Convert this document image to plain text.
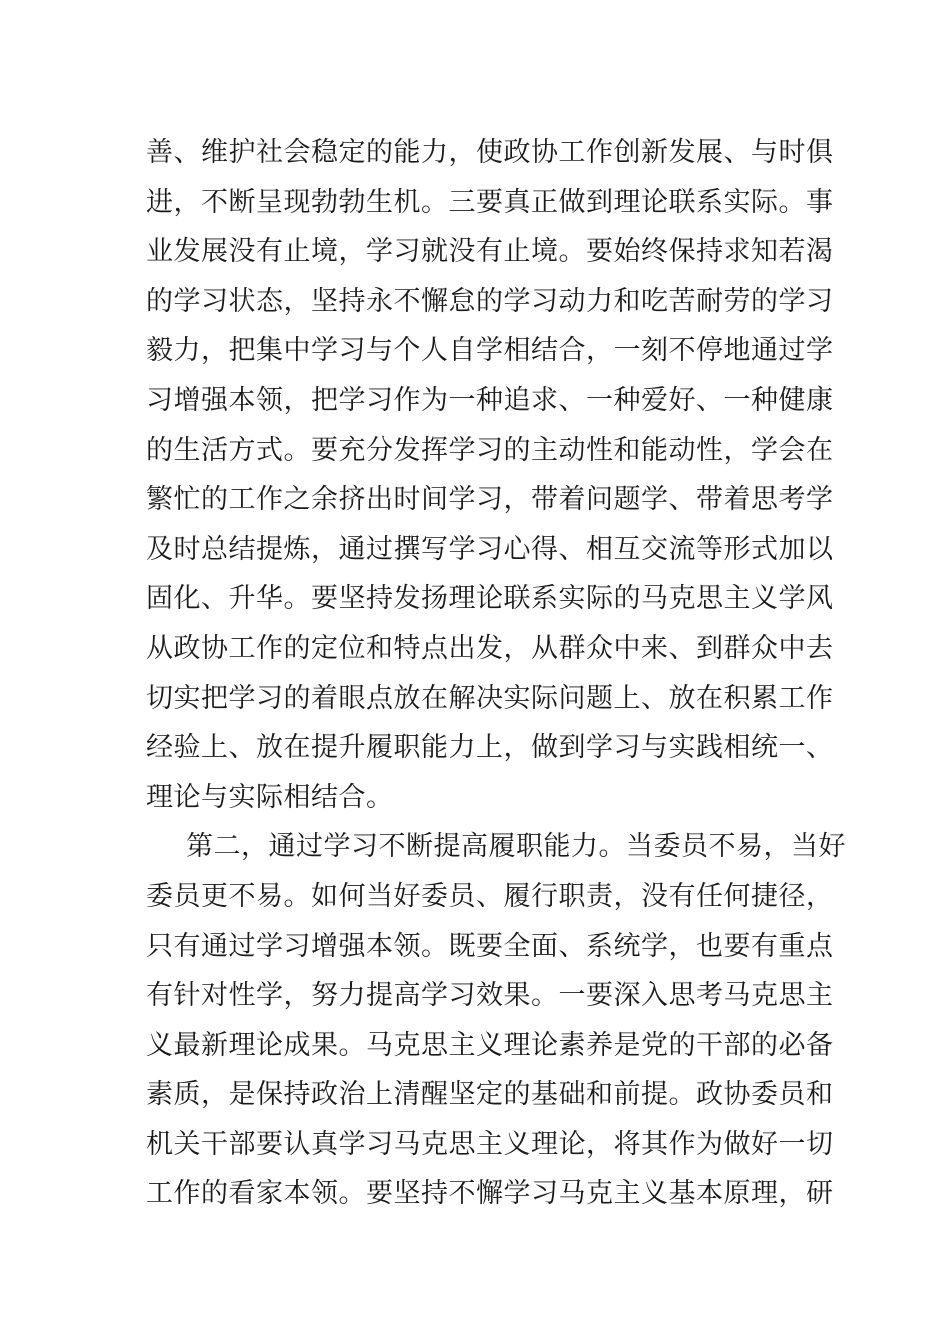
善、维护社会稳定的能力，使政协工作创新发展、与时俱
进，不断呈现勃勃生机。三要真正做到理论联系实际。事
业发展没有止境，学习就没有止境。要始终保持求知若渴
的学习状态，坚持永不懈怠的学习动力和吃苦耐劳的学习
毅力，把集中学习与个人自学相结合，一刻不停地通过学
习增强本领，把学习作为一种追求、一种爱好、一种健康
的生活方式。要充分发挥学习的主动性和能动性，学会在
繁忙的工作之余挤出时间学习，带着问题学、带着思考学
及时总结提炼，通过撰写学习心得、相互交流等形式加以
固化、升华。要坚持发扬理论联系实际的马克思主义学风
从政协工作的定位和特点出发，从群众中来、到群众中去
切实把学习的着眼点放在解决实际问题上、放在积累工作
经验上、放在提升履职能力上，做到学习与实践相统一、
理论与实际相结合。
第二，通过学习不断提高履职能力。当委员不易，当好
委员更不易。如何当好委员、履行职责，没有任何捷径，
只有通过学习增强本领。既要全面、系统学，也要有重点
有针对性学，努力提高学习效果。一要深入思考马克思主
义最新理论成果。马克思主义理论素养是党的干部的必备
素质，是保持政治上清醒坚定的基础和前提。政协委员和
机关干部要认真学习马克思主义理论，将其作为做好一切
工作的看家本领。要坚持不懈学习马克主义基本原理，研
